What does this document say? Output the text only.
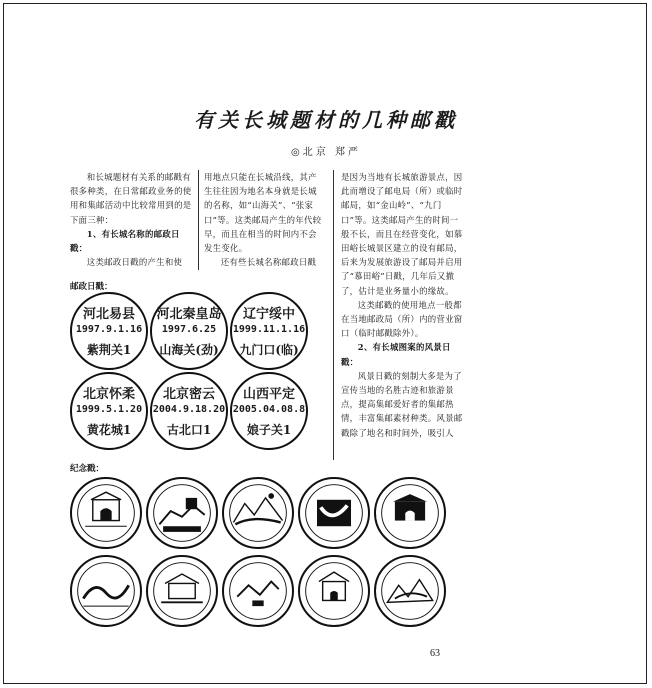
有关长城题材的几种邮戳
◎北京 郑严

和长城题材有关系的邮戳有很多种类，在日常邮政业务的使用和集邮活动中比较常用到的是下面三种：

1、有长城名称的邮政日戳：

这类邮政日戳的产生和使

用地点只能在长城沿线，其产生往往因为地名本身就是长城的名称，如“山海关”、“张家口”等。这类邮局产生的年代较早，而且在相当的时间内不会发生变化。

还有些长城名称邮政日戳

是因为当地有长城旅游景点，因此而增设了邮电局（所）或临时邮局，如“金山岭”、“九门口”等。这类邮局产生的时间一般不长，而且在经营变化，如慕田峪长城景区建立的设有邮局，后来为发展旅游设了邮局并启用了“慕田峪”日戳，几年后又撤了，估计是业务量小的缘故。

这类邮戳的使用地点一般都在当地邮政局（所）内的营业窗口（临时邮戳除外）。

2、有长城图案的风景日戳：

风景日戳的刻制大多是为了宣传当地的名胜古迹和旅游景点，提高集邮爱好者的集邮热情，丰富集邮素材种类。风景邮戳除了地名和时间外，吸引人

邮政日戳：
河北易县
1997.9.1.16
紫荆关1
河北秦皇岛
1997.6.25
山海关(劲)
辽宁绥中
1999.11.1.16
九门口(临)
北京怀柔
1999.5.1.20
黄花城1
北京密云
2004.9.18.20
古北口1
山西平定
2005.04.08.8
娘子关1
纪念戳：
63
